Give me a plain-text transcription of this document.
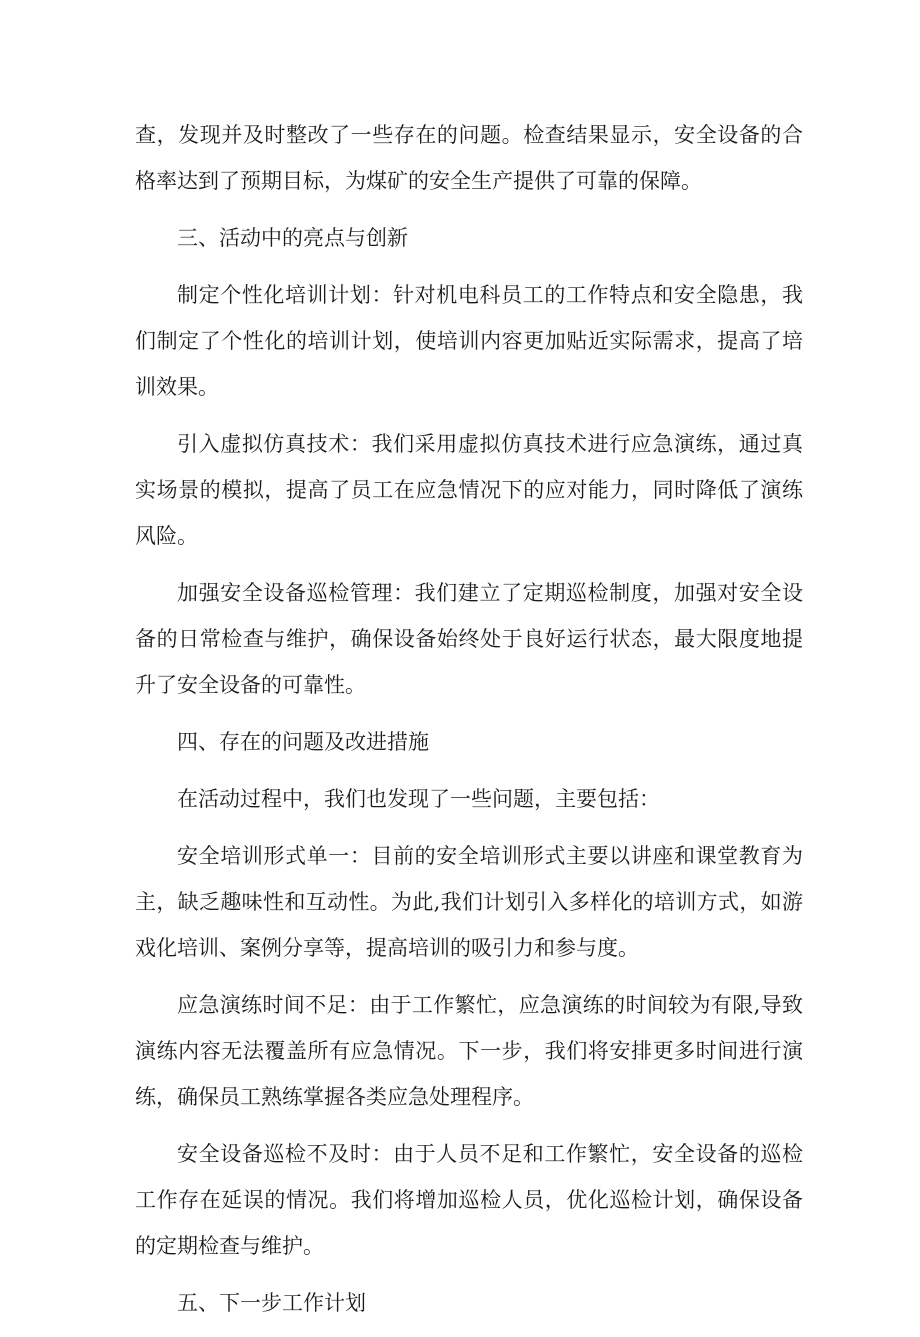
查，发现并及时整改了一些存在的问题。检查结果显示，安全设备的合格率达到了预期目标，为煤矿的安全生产提供了可靠的保障。

三、活动中的亮点与创新

制定个性化培训计划：针对机电科员工的工作特点和安全隐患，我们制定了个性化的培训计划，使培训内容更加贴近实际需求，提高了培训效果。

引入虚拟仿真技术：我们采用虚拟仿真技术进行应急演练，通过真实场景的模拟，提高了员工在应急情况下的应对能力，同时降低了演练风险。

加强安全设备巡检管理：我们建立了定期巡检制度，加强对安全设备的日常检查与维护，确保设备始终处于良好运行状态，最大限度地提升了安全设备的可靠性。

四、存在的问题及改进措施

在活动过程中，我们也发现了一些问题，主要包括：

安全培训形式单一：目前的安全培训形式主要以讲座和课堂教育为主，缺乏趣味性和互动性。为此,我们计划引入多样化的培训方式，如游戏化培训、案例分享等，提高培训的吸引力和参与度。

应急演练时间不足：由于工作繁忙，应急演练的时间较为有限,导致演练内容无法覆盖所有应急情况。下一步，我们将安排更多时间进行演练，确保员工熟练掌握各类应急处理程序。

安全设备巡检不及时：由于人员不足和工作繁忙，安全设备的巡检工作存在延误的情况。我们将增加巡检人员，优化巡检计划，确保设备的定期检查与维护。

五、下一步工作计划
